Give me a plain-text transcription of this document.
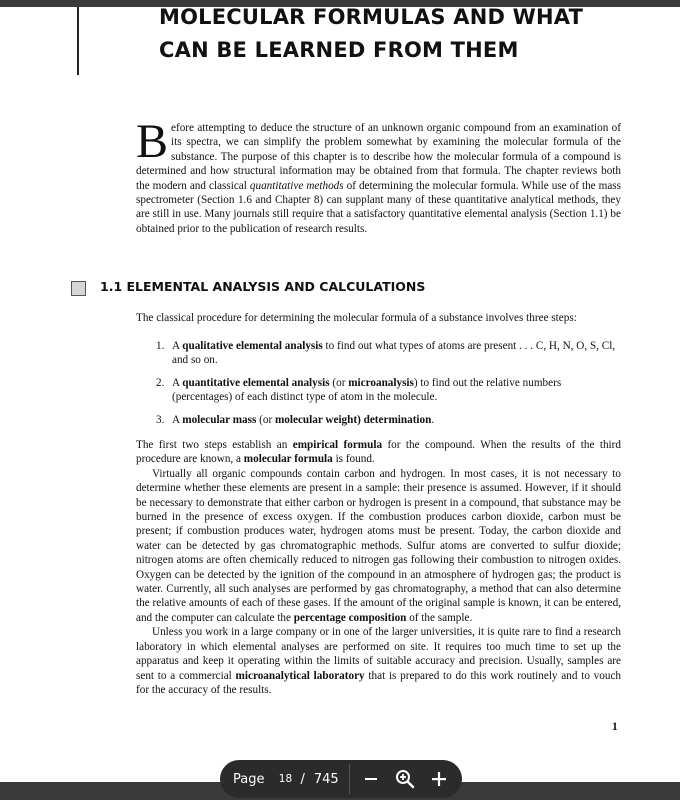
MOLECULAR FORMULAS AND WHAT
CAN BE LEARNED FROM THEM

Before attempting to deduce the structure of an unknown organic compound from an examination of its spectra, we can simplify the problem somewhat by examining the molecular formula of the substance. The purpose of this chapter is to describe how the molecular formula of a compound is determined and how structural information may be obtained from that formula. The chapter reviews both the modern and classical quantitative methods of determining the molecular formula. While use of the mass spectrometer (Section 1.6 and Chapter 8) can supplant many of these quantitative analytical methods, they are still in use. Many journals still require that a satisfactory quantitative elemental analysis (Section 1.1) be obtained prior to the publication of research results.

1.1 ELEMENTAL ANALYSIS AND CALCULATIONS

The classical procedure for determining the molecular formula of a substance involves three steps:

1. A qualitative elemental analysis to find out what types of atoms are present . . . C, H, N, O, S, Cl, and so on.
2. A quantitative elemental analysis (or microanalysis) to find out the relative numbers (percentages) of each distinct type of atom in the molecule.
3. A molecular mass (or molecular weight) determination.

The first two steps establish an empirical formula for the compound. When the results of the third procedure are known, a molecular formula is found.

Virtually all organic compounds contain carbon and hydrogen. In most cases, it is not necessary to determine whether these elements are present in a sample: their presence is assumed. However, if it should be necessary to demonstrate that either carbon or hydrogen is present in a compound, that substance may be burned in the presence of excess oxygen. If the combustion produces carbon dioxide, carbon must be present; if combustion produces water, hydrogen atoms must be present. Today, the carbon dioxide and water can be detected by gas chromatographic methods. Sulfur atoms are converted to sulfur dioxide; nitrogen atoms are often chemically reduced to nitrogen gas following their combustion to nitrogen oxides. Oxygen can be detected by the ignition of the compound in an atmosphere of hydrogen gas; the product is water. Currently, all such analyses are performed by gas chromatography, a method that can also determine the relative amounts of each of these gases. If the amount of the original sample is known, it can be entered, and the computer can calculate the percentage composition of the sample.

Unless you work in a large company or in one of the larger universities, it is quite rare to find a research laboratory in which elemental analyses are performed on site. It requires too much time to set up the apparatus and keep it operating within the limits of suitable accuracy and precision. Usually, samples are sent to a commercial microanalytical laboratory that is prepared to do this work routinely and to vouch for the accuracy of the results.

1
Page
18	/ 745
